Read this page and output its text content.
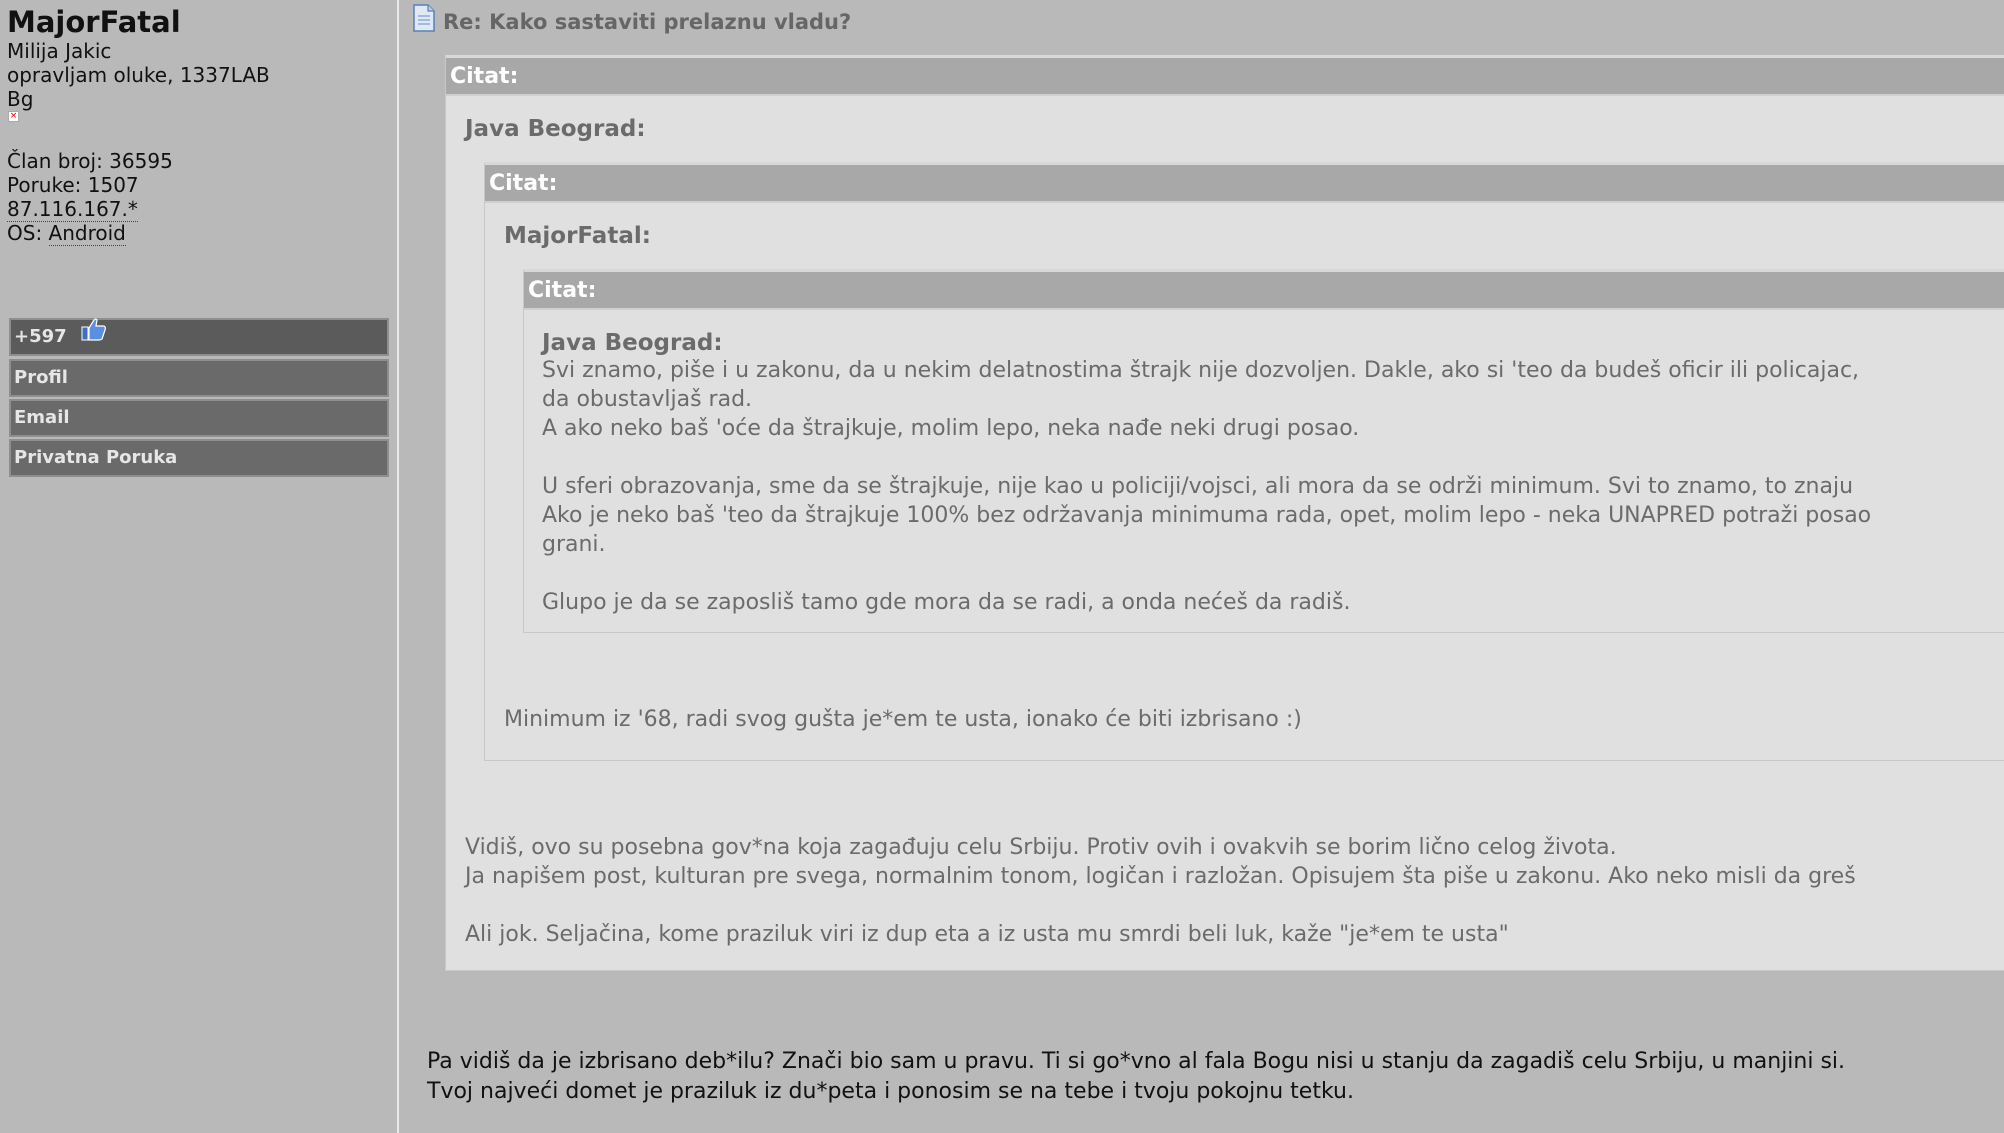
MajorFatal
Milija Jakic
opravljam oluke, 1337LAB
Bg
×
Član broj: 36595
Poruke: 1507
87.116.167.*
OS: Android
+597
Profil
Email
Privatna Poruka
Re: Kako sastaviti prelaznu vladu?
Citat:
Java Beograd:
Citat:
MajorFatal:
Citat:
Java Beograd:
Svi znamo, piše i u zakonu, da u nekim delatnostima štrajk nije dozvoljen. Dakle, ako si 'teo da budeš oficir ili policajac,
da obustavljaš rad.
A ako neko baš 'oće da štrajkuje, molim lepo, neka nađe neki drugi posao.

U sferi obrazovanja, sme da se štrajkuje, nije kao u policiji/vojsci, ali mora da se održi minimum. Svi to znamo, to znaju
Ako je neko baš 'teo da štrajkuje 100% bez održavanja minimuma rada, opet, molim lepo - neka UNAPRED potraži posao
grani.

Glupo je da se zaposliš tamo gde mora da se radi, a onda nećeš da radiš.
Minimum iz '68, radi svog gušta je*em te usta, ionako će biti izbrisano :)
Vidiš, ovo su posebna gov*na koja zagađuju celu Srbiju. Protiv ovih i ovakvih se borim lično celog života.
Ja napišem post, kulturan pre svega, normalnim tonom, logičan i razložan. Opisujem šta piše u zakonu. Ako neko misli da greš

Ali jok. Seljačina, kome praziluk viri iz dup eta a iz usta mu smrdi beli luk, kaže "je*em te usta"
Pa vidiš da je izbrisano deb*ilu? Znači bio sam u pravu. Ti si go*vno al fala Bogu nisi u stanju da zagadiš celu Srbiju, u manjini si.
Tvoj najveći domet je praziluk iz du*peta i ponosim se na tebe i tvoju pokojnu tetku.
